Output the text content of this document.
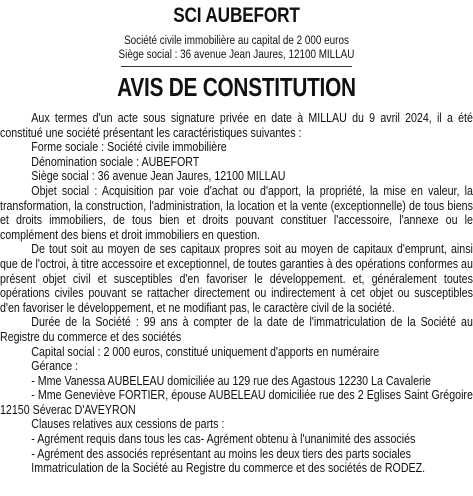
SCI AUBEFORT
Société civile immobilière au capital de 2 000 euros
Siège social : 36 avenue Jean Jaures, 12100 MILLAU
AVIS DE CONSTITUTION

Aux termes d'un acte sous signature privée en date à MILLAU du 9 avril 2024, il a été constitué une société présentant les caractéristiques suivantes :

Forme sociale : Société civile immobilière

Dénomination sociale : AUBEFORT

Siège social : 36 avenue Jean Jaures, 12100 MILLAU

Objet social : Acquisition par voie d'achat ou d'apport, la propriété, la mise en valeur, la transformation, la construction, l'administration, la location et la vente (exceptionnelle) de tous biens et droits immobiliers, de tous bien et droits pouvant constituer l'accessoire, l'annexe ou le complément des biens et droit immobiliers en question.

De tout soit au moyen de ses capitaux propres soit au moyen de capitaux d'emprunt, ainsi que de l'octroi, à titre accessoire et exceptionnel, de toutes garanties à des opérations conformes au présent objet civil et susceptibles d'en favoriser le développement. et, généralement toutes opérations civiles pouvant se rattacher directement ou indirectement à cet objet ou susceptibles d'en favoriser le développement, et ne modifiant pas, le caractère civil de la société.

Durée de la Société : 99 ans à compter de la date de l'immatriculation de la Société au Registre du commerce et des sociétés

Capital social : 2 000 euros, constitué uniquement d'apports en numéraire

Gérance :

- Mme Vanessa AUBELEAU domiciliée au 129 rue des Agastous 12230 La Cavalerie

- Mme Geneviève FORTIER, épouse AUBELEAU domiciliée rue des 2 Eglises Saint Grégoire 12150 Séverac D'AVEYRON

Clauses relatives aux cessions de parts :

- Agrément requis dans tous les cas- Agrément obtenu à l'unanimité des associés

- Agrément des associés représentant au moins les deux tiers des parts sociales

Immatriculation de la Société au Registre du commerce et des sociétés de RODEZ.
